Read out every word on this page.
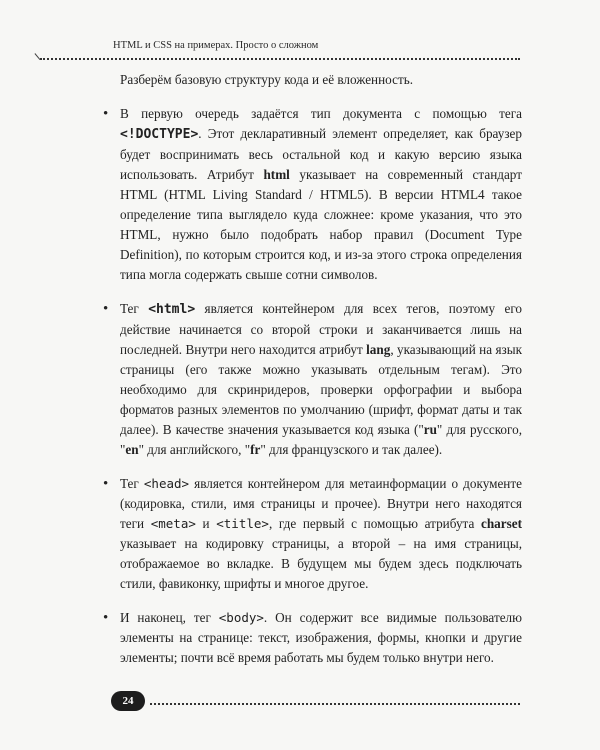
HTML и CSS на примерах. Просто о сложном

Разберём базовую структуру кода и её вложенность.

• В первую очередь задаётся тип документа с помощью тега <!DOCTYPE>. Этот декларативный элемент определяет, как браузер будет воспринимать весь остальной код и какую версию языка использовать. Атрибут html указывает на современный стандарт HTML (HTML Living Standard / HTML5). В версии HTML4 такое определение типа выглядело куда сложнее: кроме указания, что это HTML, нужно было подобрать набор правил (Document Type Definition), по которым строится код, и из-за этого строка определения типа могла содержать свыше сотни символов.
• Тег <html> является контейнером для всех тегов, поэтому его действие начинается со второй строки и заканчивается лишь на последней. Внутри него находится атрибут lang, указывающий на язык страницы (его также можно указывать отдельным тегам). Это необходимо для скринридеров, проверки орфографии и выбора форматов разных элементов по умолчанию (шрифт, формат даты и так далее). В качестве значения указывается код языка ("ru" для русского, "en" для английского, "fr" для французского и так далее).
• Тег <head> является контейнером для метаинформации о документе (кодировка, стили, имя страницы и прочее). Внутри него находятся теги <meta> и <title>, где первый с помощью атрибута charset указывает на кодировку страницы, а второй – на имя страницы, отображаемое во вкладке. В будущем мы будем здесь подключать стили, фавиконку, шрифты и многое другое.
• И наконец, тег <body>. Он содержит все видимые пользователю элементы на странице: текст, изображения, формы, кнопки и другие элементы; почти всё время работать мы будем только внутри него.
24
